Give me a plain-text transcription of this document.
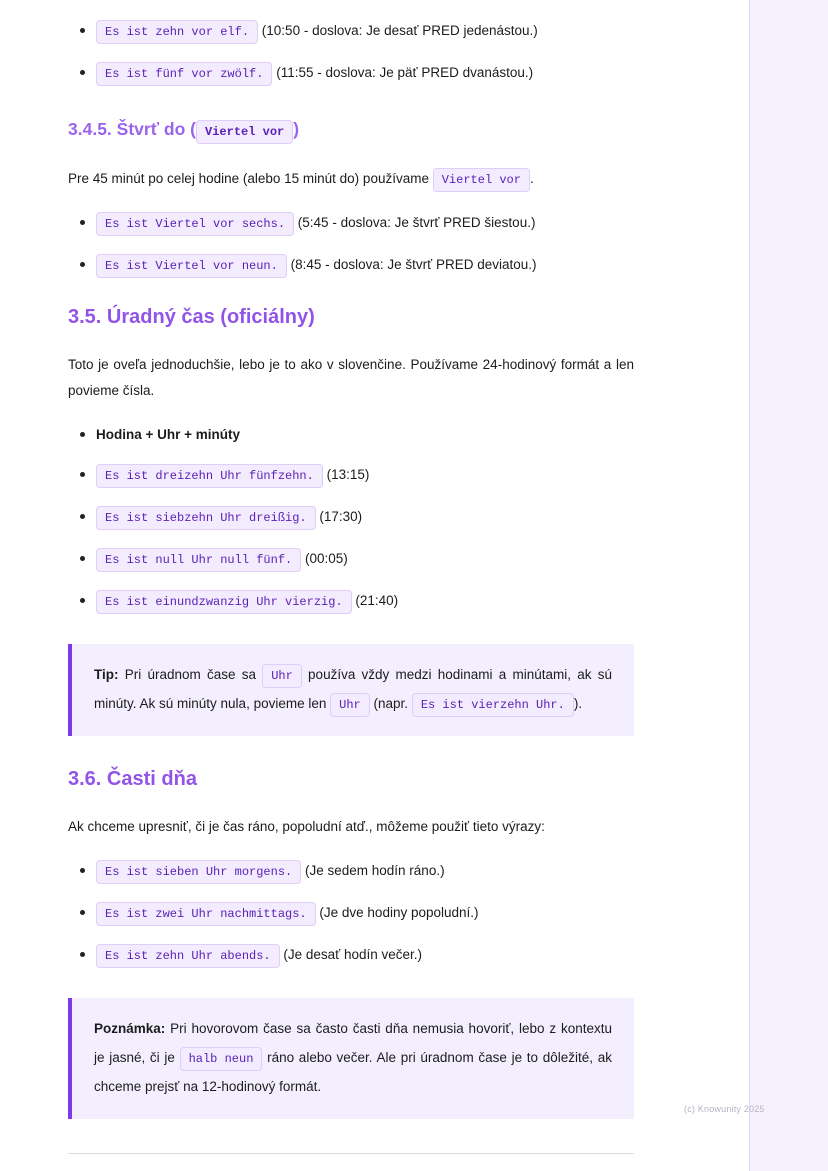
Es ist zehn vor elf. (10:50 - doslova: Je desať PRED jedenástou.)
Es ist fünf vor zwölf. (11:55 - doslova: Je päť PRED dvanástou.)
3.4.5. Štvrť do ( Viertel vor )

Pre 45 minút po celej hodine (alebo 15 minút do) používame Viertel vor .

Es ist Viertel vor sechs. (5:45 - doslova: Je štvrť PRED šiestou.)
Es ist Viertel vor neun. (8:45 - doslova: Je štvrť PRED deviatou.)
3.5. Úradný čas (oficiálny)

Toto je oveľa jednoduchšie, lebo je to ako v slovenčine. Používame 24-hodinový formát a len povieme čísla.

Hodina + Uhr + minúty
Es ist dreizehn Uhr fünfzehn. (13:15)
Es ist siebzehn Uhr dreißig. (17:30)
Es ist null Uhr null fünf. (00:05)
Es ist einundzwanzig Uhr vierzig. (21:40)
Tip: Pri úradnom čase sa Uhr používa vždy medzi hodinami a minútami, ak sú minúty. Ak sú minúty nula, povieme len Uhr (napr. Es ist vierzehn Uhr. ).
3.6. Časti dňa

Ak chceme upresniť, či je čas ráno, popoludní atď., môžeme použiť tieto výrazy:

Es ist sieben Uhr morgens. (Je sedem hodín ráno.)
Es ist zwei Uhr nachmittags. (Je dve hodiny popoludní.)
Es ist zehn Uhr abends. (Je desať hodín večer.)
Poznámka: Pri hovorovom čase sa často časti dňa nemusia hovoriť, lebo z kontextu je jasné, či je halb neun ráno alebo večer. Ale pri úradnom čase je to dôležité, ak chceme prejsť na 12-hodinový formát.
(c) Knowunity 2025
